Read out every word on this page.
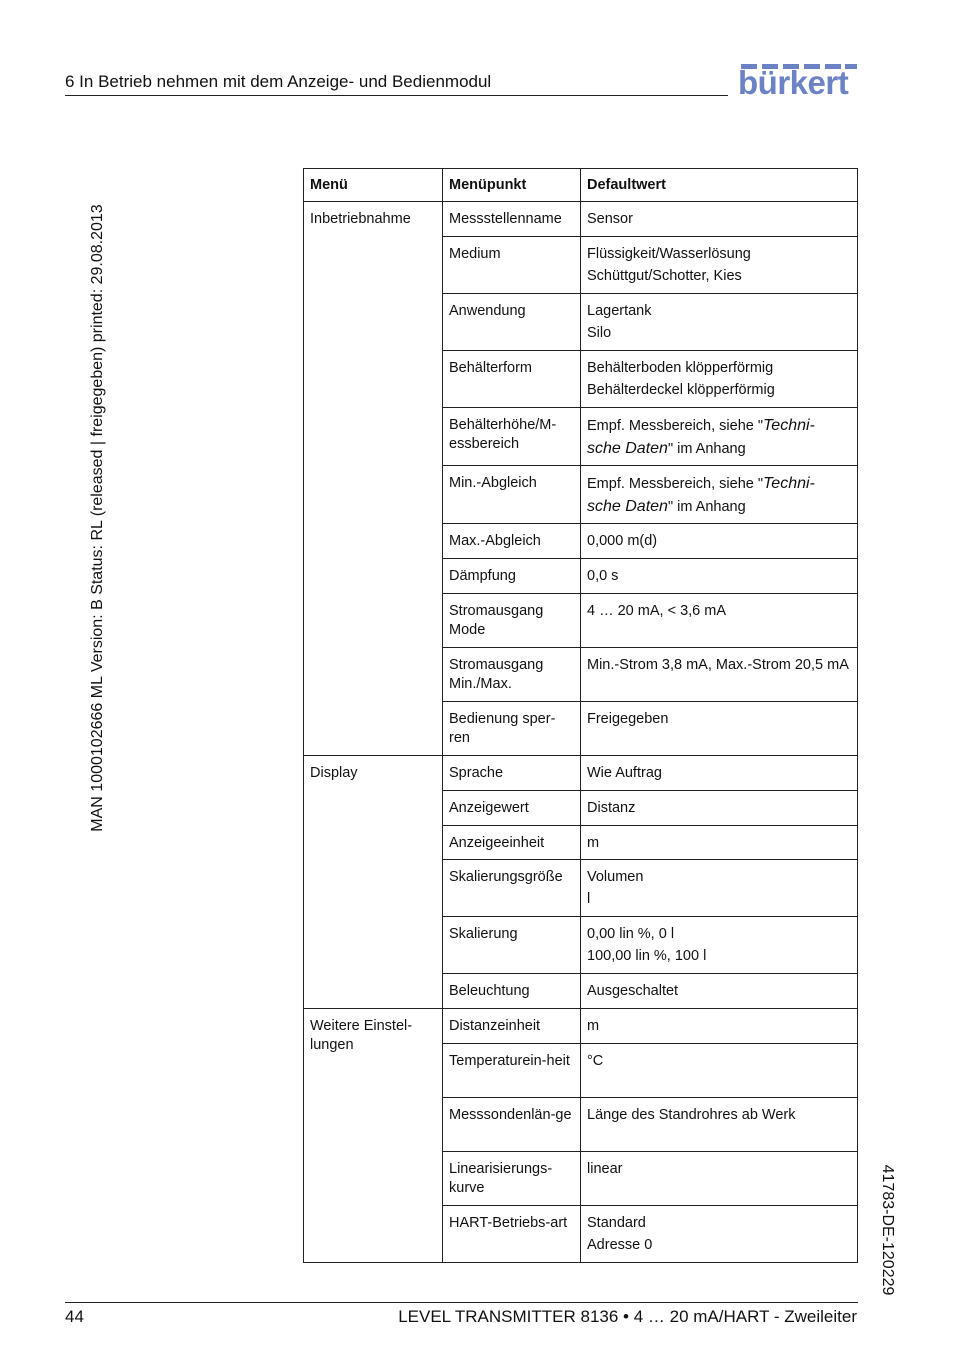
6 In Betrieb nehmen mit dem Anzeige- und Bedienmodul	bürkert
MAN 1000102666 ML Version: B Status: RL (released | freigegeben) printed: 29.08.2013
41783-DE-120229
Menü	Menüpunkt	Defaultwert
Inbetriebnahme	Messstellenname	Sensor

	Medium	Flüssigkeit/Wasserlösung
Schüttgut/Schotter, Kies

	Anwendung	Lagertank
Silo

	Behälterform	Behälterboden klöpperförmig
Behälterdeckel klöpperförmig

	Behälterhöhe/M-essbereich	Empf. Messbereich, siehe "Techni-
sche Daten" im Anhang

	Min.-Abgleich	Empf. Messbereich, siehe "Techni-
sche Daten" im Anhang

	Max.-Abgleich	0,000 m(d)

	Dämpfung	0,0 s

	Stromausgang Mode	4 … 20 mA, < 3,6 mA

	Stromausgang Min./Max.	Min.-Strom 3,8 mA, Max.-Strom 20,5 mA

	Bedienung sper-ren	Freigegeben

Display	Sprache	Wie Auftrag

	Anzeigewert	Distanz

	Anzeigeeinheit	m

	Skalierungsgröße	Volumen
l

	Skalierung	0,00 lin %, 0 l
100,00 lin %, 100 l

	Beleuchtung	Ausgeschaltet

Weitere Einstel-lungen	Distanzeinheit	m

	Temperaturein-heit	°C

	Messsondenlän-ge	Länge des Standrohres ab Werk

	Linearisierungs-kurve	linear

	HART-Betriebs-art	Standard
Adresse 0
44	LEVEL TRANSMITTER 8136 • 4 … 20 mA/HART - Zweileiter
